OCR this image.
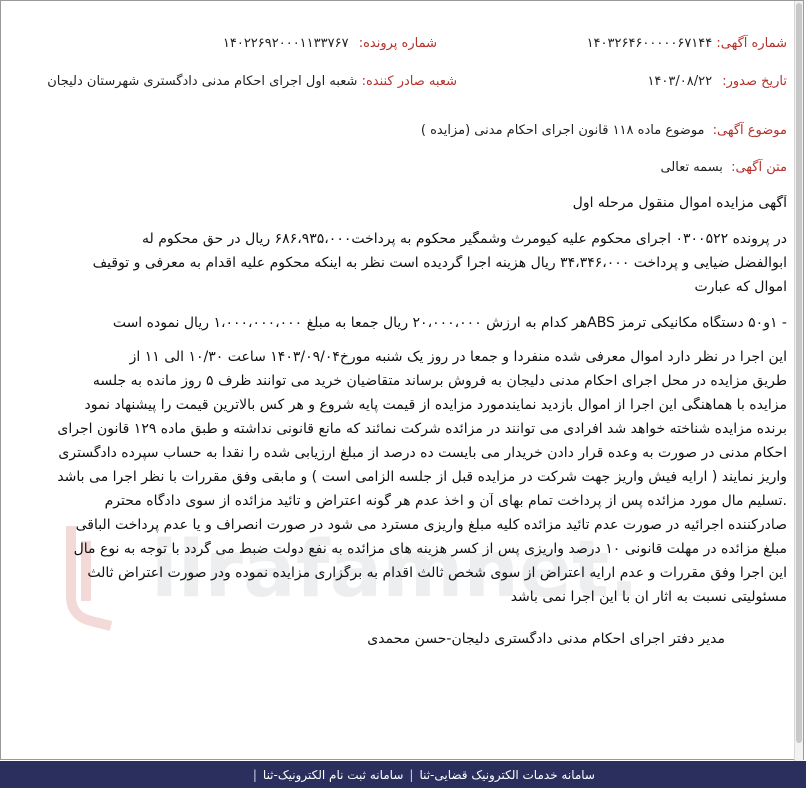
ilrafamnet.
شماره آگهی: ۱۴۰۳۲۶۴۶۰۰۰۰۰۶۷۱۴۴
شماره پرونده: ۱۴۰۲۲۶۹۲۰۰۰۱۱۳۳۷۶۷
تاریخ صدور: ۱۴۰۳/۰۸/۲۲
شعبه صادر کننده: شعبه اول اجرای احکام مدنی دادگستری شهرستان دلیجان
موضوع آگهی: موضوع ماده ۱۱۸ قانون اجرای احکام مدنی (مزایده )
متن آگهی: بسمه تعالی
آگهی مزایده اموال منقول مرحله اول
در پرونده ۰۳۰۰۵۲۲ اجرای محکوم علیه کیومرث وشمگیر محکوم به پرداخت۶۸۶،۹۳۵،۰۰۰ ریال در حق محکوم له
ابوالفضل ضیایی و پرداخت ۳۴،۳۴۶،۰۰۰ ریال هزینه اجرا گردیده است نظر به اینکه محکوم علیه اقدام به معرفی و توقیف
اموال که عبارت
- ۱و۵۰ دستگاه مکانیکی ترمز ABSهر کدام به ارزش ۲۰،۰۰۰،۰۰۰ ریال جمعا به مبلغ ۱،۰۰۰،۰۰۰،۰۰۰ ریال نموده است
این اجرا در نظر دارد اموال معرفی شده منفردا و جمعا در روز یک شنبه مورخ۱۴۰۳/۰۹/۰۴ ساعت ۱۰/۳۰ الی ۱۱ از
طریق مزایده در محل اجرای احکام مدنی دلیجان به فروش برساند متقاضیان خرید می توانند ظرف ۵ روز مانده به جلسه
مزایده با هماهنگی این اجرا از اموال بازدید نمایندمورد مزایده از قیمت پایه شروع و هر کس بالاترین قیمت را پیشنهاد نمود
برنده مزایده شناخته خواهد شد افرادی می توانند در مزائده شرکت نمائند که مانع قانونی نداشته و طبق ماده ۱۲۹ قانون اجرای
احکام مدنی در صورت به وعده قرار دادن خریدار می بایست ده درصد از مبلغ ارزیابی شده را نقدا به حساب سپرده دادگستری
واریز نمایند ( ارایه فیش واریز جهت شرکت در مزایده قبل از جلسه الزامی است ) و مابقی وفق مقررات با نظر اجرا می باشد
.تسلیم مال مورد مزائده پس از پرداخت تمام بهای آن و اخذ عدم هر گونه اعتراض و تائید مزائده از سوی دادگاه محترم
صادرکننده اجرائیه در صورت عدم تائید مزائده کلیه مبلغ واریزی مسترد می شود در صورت انصراف و یا عدم پرداخت الباقی
مبلغ مزائده در مهلت قانونی ۱۰ درصد واریزی پس از کسر هزینه های مزائده به نفع دولت ضبط می گردد با توجه به نوع مال
این اجرا وفق مقررات و عدم ارایه اعتراض از سوی شخص ثالث اقدام به برگزاری مزایده نموده ودر صورت اعتراض ثالث
مسئولیتی نسبت به اثار ان با این اجرا نمی باشد
مدیر دفتر اجرای احکام مدنی دادگستری دلیجان-حسن محمدی
سامانه خدمات الکترونیک قضایی-ثنا
|
سامانه ثبت نام الکترونیک-ثنا
|
